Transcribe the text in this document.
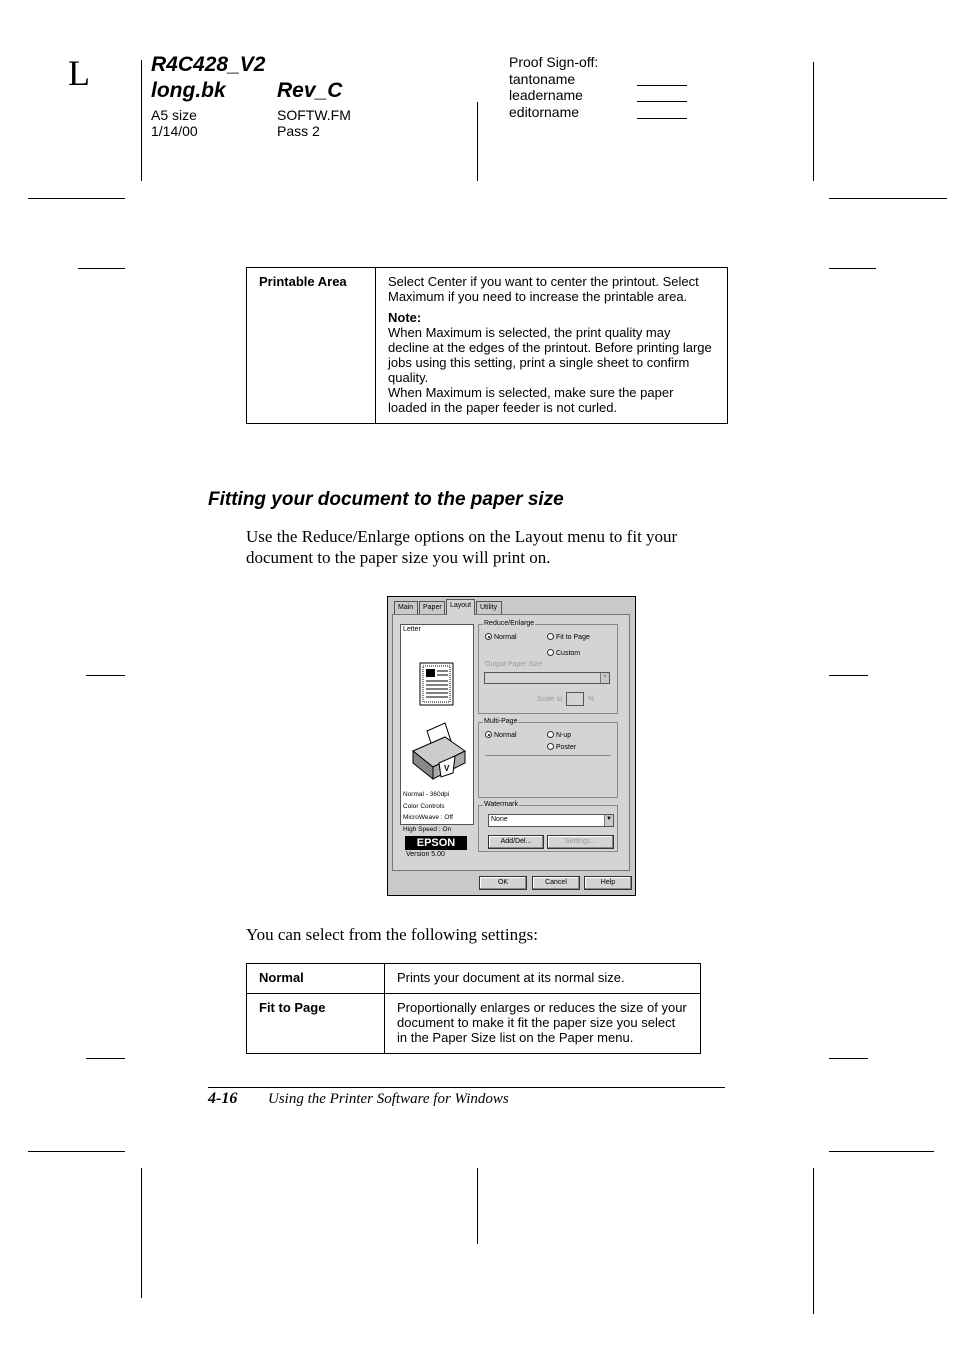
L	R4C428_V2
long.bk Rev_C
A5 size
1/14/00
SOFTW.FM
Pass 2
Proof Sign-off:
tantoname
leadername
editorname
Printable Area	Select Center if you want to center the printout. Select Maximum if you need to increase the printable area.

Note:

When Maximum is selected, the print quality may decline at the edges of the printout. Before printing large jobs using this setting, print a single sheet to confirm quality.

When Maximum is selected, make sure the paper loaded in the paper feeder is not curled.

Fitting your document to the paper size
Use the Reduce/Enlarge options on the Layout menu to fit your document to the paper size you will print on.
Main	Paper	Layout	Utility
Letter
V
Normal - 360dpi
Color Controls
MicroWeave : Off
High Speed : On
EPSON
Version 5.00
Reduce/Enlarge
Normal	Fit to Page
Custom
Output Paper Size
▼
Scale to	%
Multi-Page
Normal	N-up
Poster
Watermark
None	▼
Add/Del...	Settings...
OK	Cancel	Help
You can select from the following settings:
Normal	Prints your document at its normal size.
Fit to Page	Proportionally enlarges or reduces the size of your document to make it fit the paper size you select in the Paper Size list on the Paper menu.
4-16 Using the Printer Software for Windows
